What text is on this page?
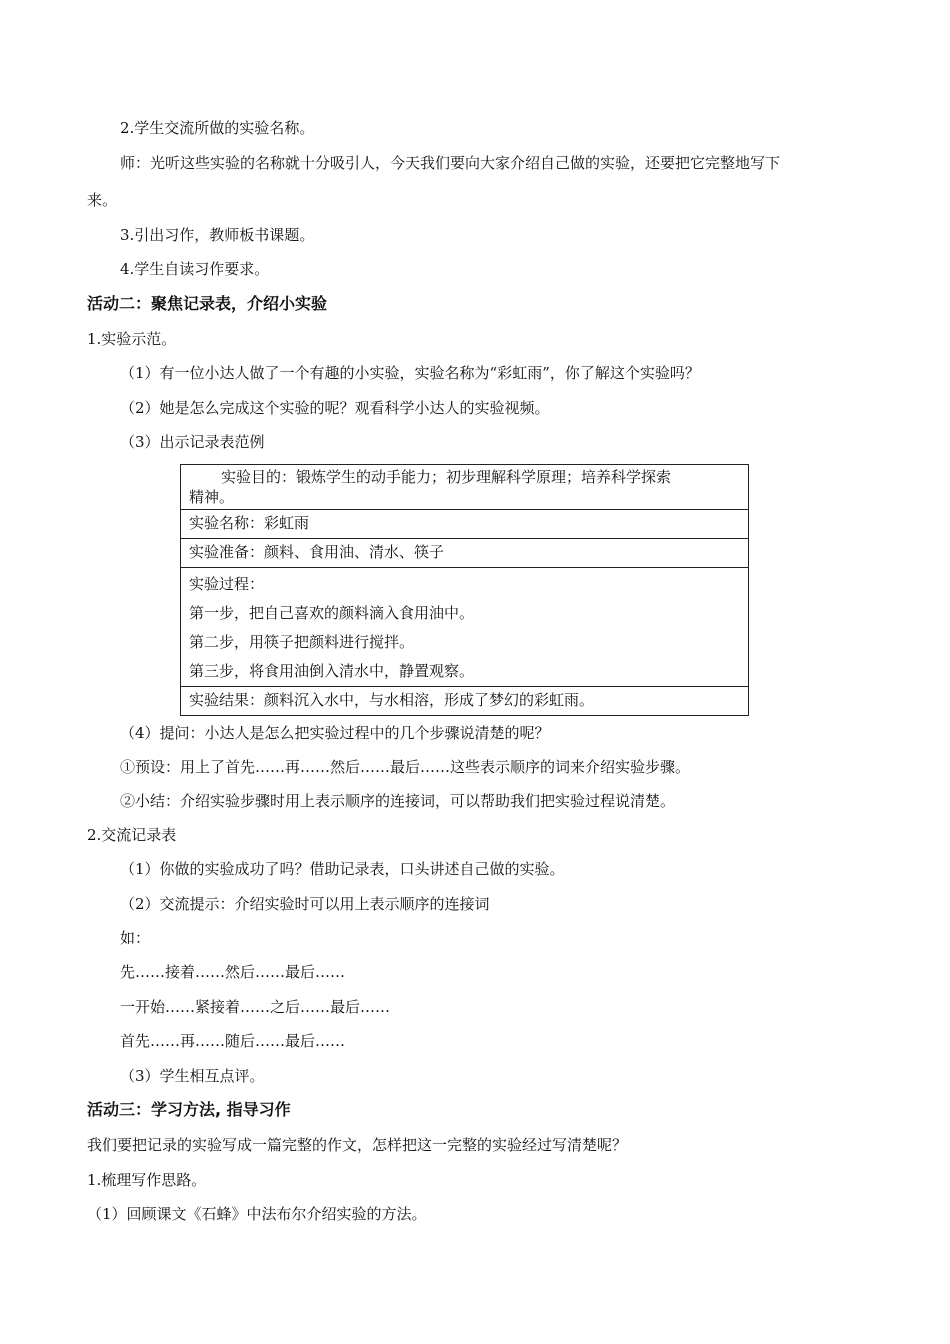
2.学生交流所做的实验名称。
师：光听这些实验的名称就十分吸引人，今天我们要向大家介绍自己做的实验，还要把它完整地写下
来。
3.引出习作，教师板书课题。
4.学生自读习作要求。
活动二：聚焦记录表，介绍小实验
1.实验示范。
（1）有一位小达人做了一个有趣的小实验，实验名称为“彩虹雨”，你了解这个实验吗？
（2）她是怎么完成这个实验的呢？观看科学小达人的实验视频。
（3）出示记录表范例
实验目的：锻炼学生的动手能力；初步理解科学原理；培养科学探索
精神。
实验名称：彩虹雨
实验准备：颜料、食用油、清水、筷子

实验过程：
第一步，把自己喜欢的颜料滴入食用油中。
第二步，用筷子把颜料进行搅拌。
第三步，将食用油倒入清水中，静置观察。

实验结果：颜料沉入水中，与水相溶，形成了梦幻的彩虹雨。
（4）提问：小达人是怎么把实验过程中的几个步骤说清楚的呢？
①预设：用上了首先……再……然后……最后……这些表示顺序的词来介绍实验步骤。
②小结：介绍实验步骤时用上表示顺序的连接词，可以帮助我们把实验过程说清楚。
2.交流记录表
（1）你做的实验成功了吗？借助记录表，口头讲述自己做的实验。
（2）交流提示：介绍实验时可以用上表示顺序的连接词
如：
先……接着……然后……最后……
一开始……紧接着……之后……最后……
首先……再……随后……最后……
（3）学生相互点评。
活动三：学习方法, 指导习作
我们要把记录的实验写成一篇完整的作文，怎样把这一完整的实验经过写清楚呢？
1.梳理写作思路。
（1）回顾课文《石蜂》中法布尔介绍实验的方法。
